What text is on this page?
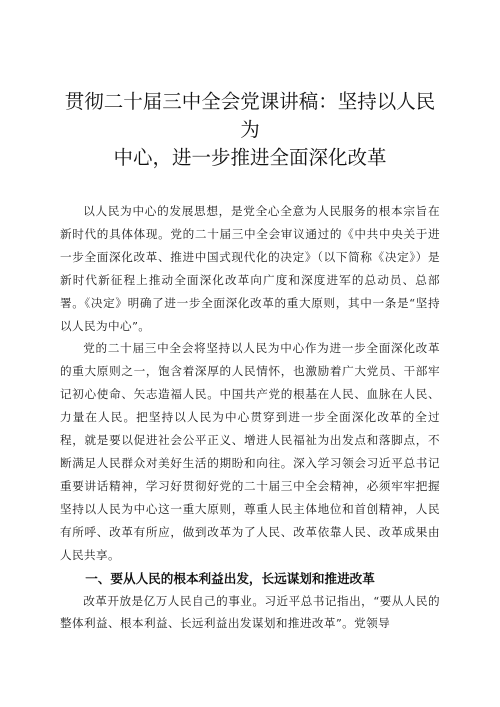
贯彻二十届三中全会党课讲稿：坚持以人民为
中心，进一步推进全面深化改革

以人民为中心的发展思想，是党全心全意为人民服务的根本宗旨在新时代的具体体现。党的二十届三中全会审议通过的《中共中央关于进一步全面深化改革、推进中国式现代化的决定》（以下简称《决定》）是新时代新征程上推动全面深化改革向广度和深度进军的总动员、总部署。《决定》明确了进一步全面深化改革的重大原则，其中一条是“坚持以人民为中心”。

党的二十届三中全会将坚持以人民为中心作为进一步全面深化改革的重大原则之一，饱含着深厚的人民情怀，也激励着广大党员、干部牢记初心使命、矢志造福人民。中国共产党的根基在人民、血脉在人民、力量在人民。把坚持以人民为中心贯穿到进一步全面深化改革的全过程，就是要以促进社会公平正义、增进人民福祉为出发点和落脚点，不断满足人民群众对美好生活的期盼和向往。深入学习领会习近平总书记重要讲话精神，学习好贯彻好党的二十届三中全会精神，必须牢牢把握坚持以人民为中心这一重大原则，尊重人民主体地位和首创精神，人民有所呼、改革有所应，做到改革为了人民、改革依靠人民、改革成果由人民共享。

一、要从人民的根本利益出发，长远谋划和推进改革

改革开放是亿万人民自己的事业。习近平总书记指出，“要从人民的整体利益、根本利益、长远利益出发谋划和推进改革”。党领导
